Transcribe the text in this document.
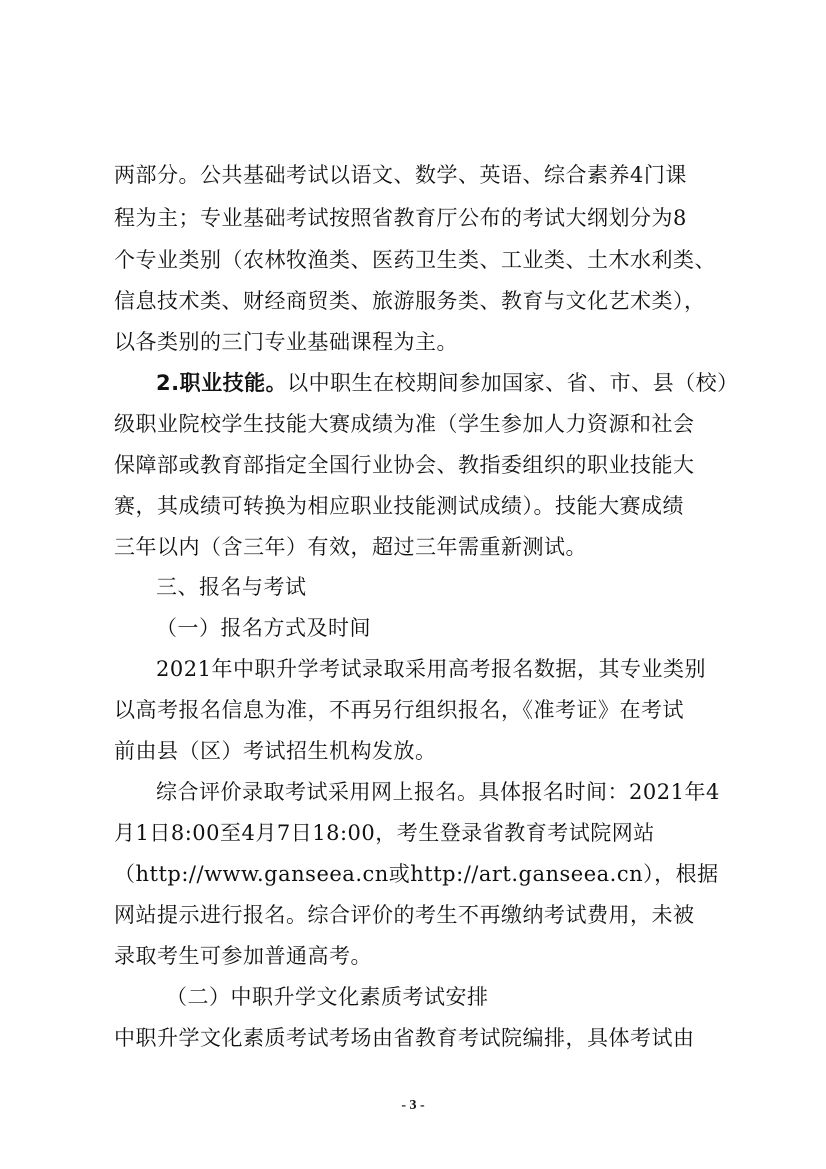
两部分。公共基础考试以语文、数学、英语、综合素养4门课
程为主；专业基础考试按照省教育厅公布的考试大纲划分为8
个专业类别（农林牧渔类、医药卫生类、工业类、土木水利类、
信息技术类、财经商贸类、旅游服务类、教育与文化艺术类），
以各类别的三门专业基础课程为主。
2.职业技能。以中职生在校期间参加国家、省、市、县（校）
级职业院校学生技能大赛成绩为准（学生参加人力资源和社会
保障部或教育部指定全国行业协会、教指委组织的职业技能大
赛，其成绩可转换为相应职业技能测试成绩）。技能大赛成绩
三年以内（含三年）有效，超过三年需重新测试。
三、报名与考试
（一）报名方式及时间
2021年中职升学考试录取采用高考报名数据，其专业类别
以高考报名信息为准，不再另行组织报名，《准考证》在考试
前由县（区）考试招生机构发放。
综合评价录取考试采用网上报名。具体报名时间：2021年4
月1日8:00至4月7日18:00，考生登录省教育考试院网站
（http://www.ganseea.cn或http://art.ganseea.cn），根据
网站提示进行报名。综合评价的考生不再缴纳考试费用，未被
录取考生可参加普通高考。
（二）中职升学文化素质考试安排
中职升学文化素质考试考场由省教育考试院编排，具体考试由
- 3 -
